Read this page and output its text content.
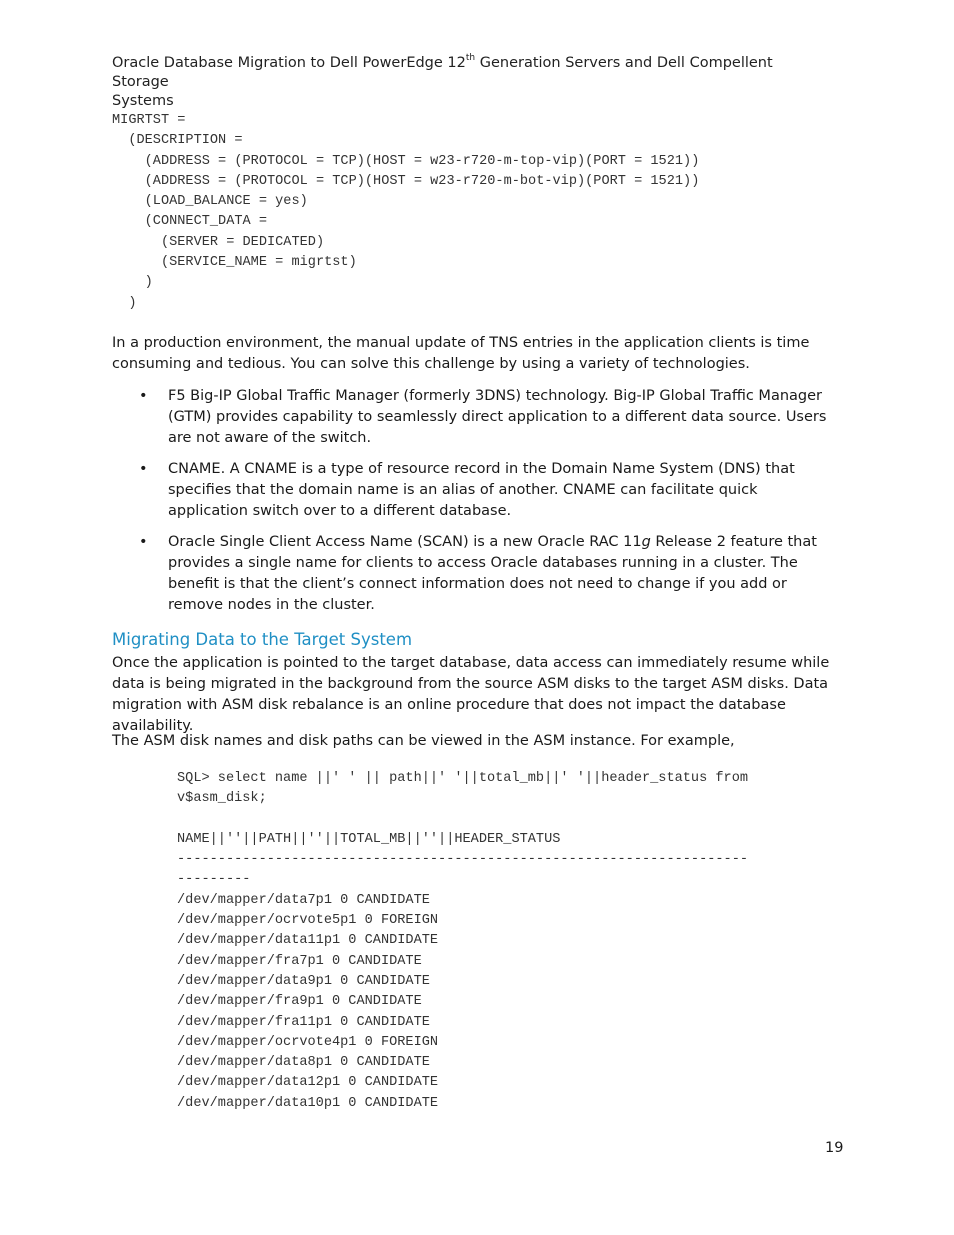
Oracle Database Migration to Dell PowerEdge 12th Generation Servers and Dell Compellent Storage
Systems
MIGRTST =
(DESCRIPTION =
(ADDRESS = (PROTOCOL = TCP)(HOST = w23-r720-m-top-vip)(PORT = 1521))
(ADDRESS = (PROTOCOL = TCP)(HOST = w23-r720-m-bot-vip)(PORT = 1521))
(LOAD_BALANCE = yes)
(CONNECT_DATA =
(SERVER = DEDICATED)
(SERVICE_NAME = migrtst)
)
)
In a production environment, the manual update of TNS entries in the application clients is time consuming and tedious. You can solve this challenge by using a variety of technologies.
• F5 Big-IP Global Traffic Manager (formerly 3DNS) technology. Big-IP Global Traffic Manager (GTM) provides capability to seamlessly direct application to a different data source. Users are not aware of the switch.
• CNAME. A CNAME is a type of resource record in the Domain Name System (DNS) that specifies that the domain name is an alias of another. CNAME can facilitate quick application switch over to a different database.
• Oracle Single Client Access Name (SCAN) is a new Oracle RAC 11g Release 2 feature that provides a single name for clients to access Oracle databases running in a cluster. The benefit is that the client’s connect information does not need to change if you add or remove nodes in the cluster.
Migrating Data to the Target System
Once the application is pointed to the target database, data access can immediately resume while data is being migrated in the background from the source ASM disks to the target ASM disks. Data migration with ASM disk rebalance is an online procedure that does not impact the database availability.
The ASM disk names and disk paths can be viewed in the ASM instance. For example,
SQL> select name ||' ' || path||' '||total_mb||' '||header_status from
v$asm_disk;

NAME||''||PATH||''||TOTAL_MB||''||HEADER_STATUS
----------------------------------------------------------------------
---------
/dev/mapper/data7p1 0 CANDIDATE
/dev/mapper/ocrvote5p1 0 FOREIGN
/dev/mapper/data11p1 0 CANDIDATE
/dev/mapper/fra7p1 0 CANDIDATE
/dev/mapper/data9p1 0 CANDIDATE
/dev/mapper/fra9p1 0 CANDIDATE
/dev/mapper/fra11p1 0 CANDIDATE
/dev/mapper/ocrvote4p1 0 FOREIGN
/dev/mapper/data8p1 0 CANDIDATE
/dev/mapper/data12p1 0 CANDIDATE
/dev/mapper/data10p1 0 CANDIDATE
19
